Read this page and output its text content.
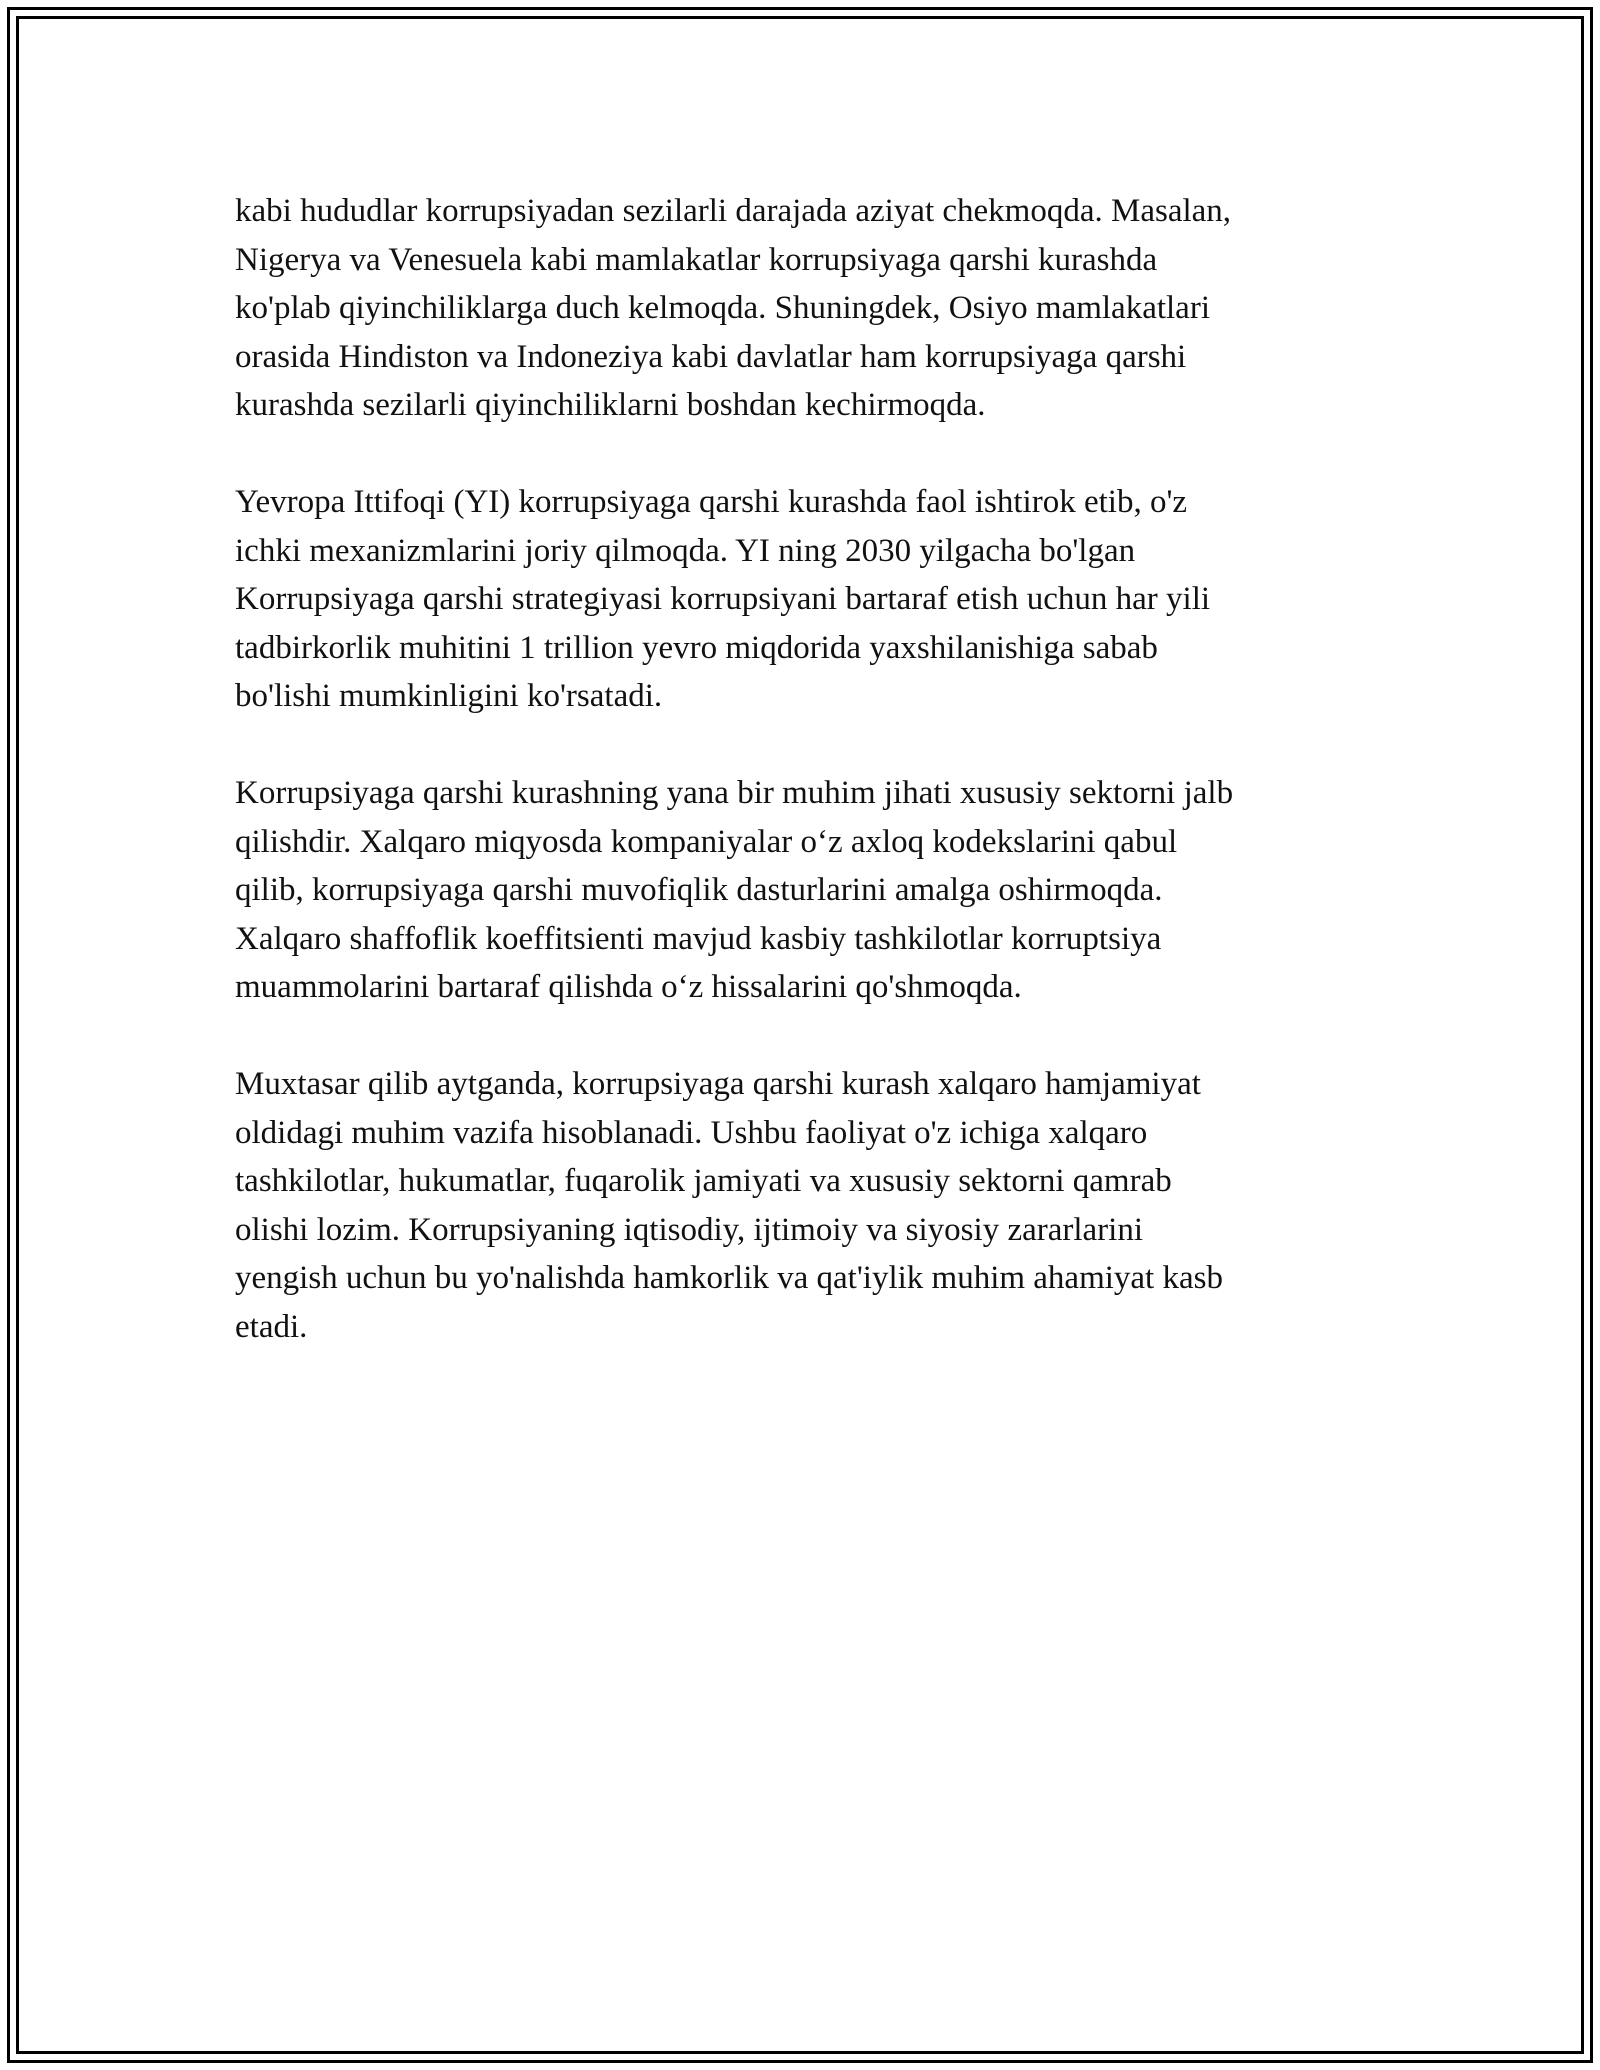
kabi hududlar korrupsiyadan sezilarli darajada aziyat chekmoqda. Masalan,
Nigerya va Venesuela kabi mamlakatlar korrupsiyaga qarshi kurashda
ko'plab qiyinchiliklarga duch kelmoqda. Shuningdek, Osiyo mamlakatlari
orasida Hindiston va Indoneziya kabi davlatlar ham korrupsiyaga qarshi
kurashda sezilarli qiyinchiliklarni boshdan kechirmoqda.

Yevropa Ittifoqi (YI) korrupsiyaga qarshi kurashda faol ishtirok etib, o'z
ichki mexanizmlarini joriy qilmoqda. YI ning 2030 yilgacha bo'lgan
Korrupsiyaga qarshi strategiyasi korrupsiyani bartaraf etish uchun har yili
tadbirkorlik muhitini 1 trillion yevro miqdorida yaxshilanishiga sabab
bo'lishi mumkinligini ko'rsatadi.

Korrupsiyaga qarshi kurashning yana bir muhim jihati xususiy sektorni jalb
qilishdir. Xalqaro miqyosda kompaniyalar o‘z axloq kodekslarini qabul
qilib, korrupsiyaga qarshi muvofiqlik dasturlarini amalga oshirmoqda.
Xalqaro shaffoflik koeffitsienti mavjud kasbiy tashkilotlar korruptsiya
muammolarini bartaraf qilishda o‘z hissalarini qo'shmoqda.

Muxtasar qilib aytganda, korrupsiyaga qarshi kurash xalqaro hamjamiyat
oldidagi muhim vazifa hisoblanadi. Ushbu faoliyat o'z ichiga xalqaro
tashkilotlar, hukumatlar, fuqarolik jamiyati va xususiy sektorni qamrab
olishi lozim. Korrupsiyaning iqtisodiy, ijtimoiy va siyosiy zararlarini
yengish uchun bu yo'nalishda hamkorlik va qat'iylik muhim ahamiyat kasb
etadi.
